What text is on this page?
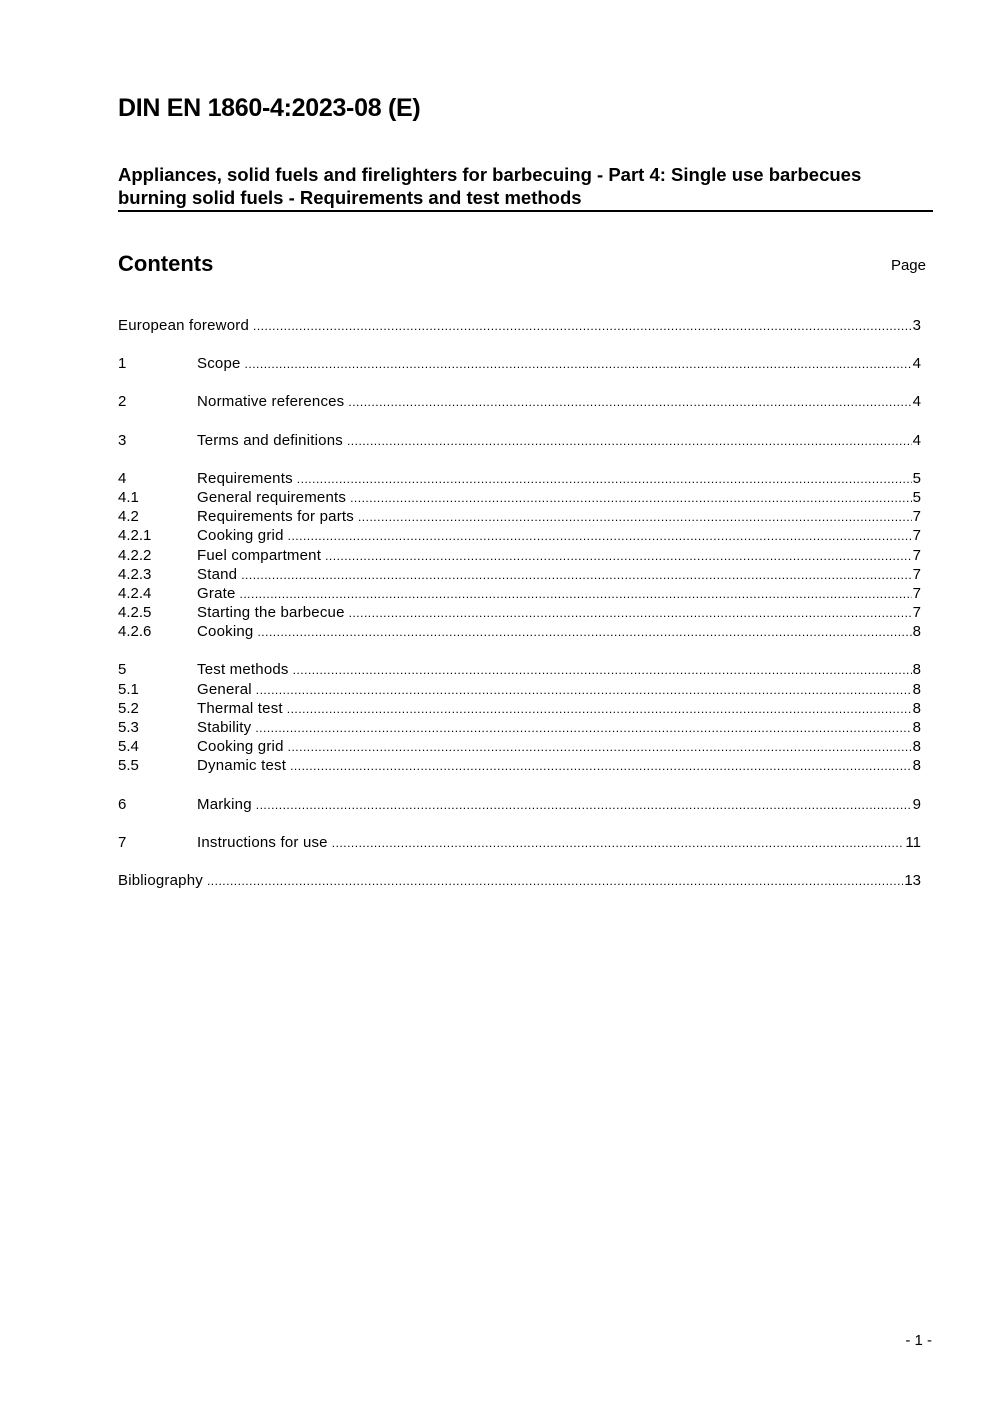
DIN EN 1860-4:2023-08 (E)
Appliances, solid fuels and firelighters for barbecuing - Part 4: Single use barbecues burning solid fuels - Requirements and test methods
Contents	Page
European foreword .....	3
1	Scope .....	4
2	Normative references .....	4
3	Terms and definitions .....	4
4	Requirements .....	5
4.1	General requirements .....	5
4.2	Requirements for parts .....	7
4.2.1	Cooking grid .....	7
4.2.2	Fuel compartment .....	7
4.2.3	Stand .....	7
4.2.4	Grate .....	7
4.2.5	Starting the barbecue .....	7
4.2.6	Cooking .....	8
5	Test methods .....	8
5.1	General .....	8
5.2	Thermal test .....	8
5.3	Stability .....	8
5.4	Cooking grid .....	8
5.5	Dynamic test .....	8
6	Marking .....	9
7	Instructions for use .....	11
Bibliography .....	13
- 1 -
